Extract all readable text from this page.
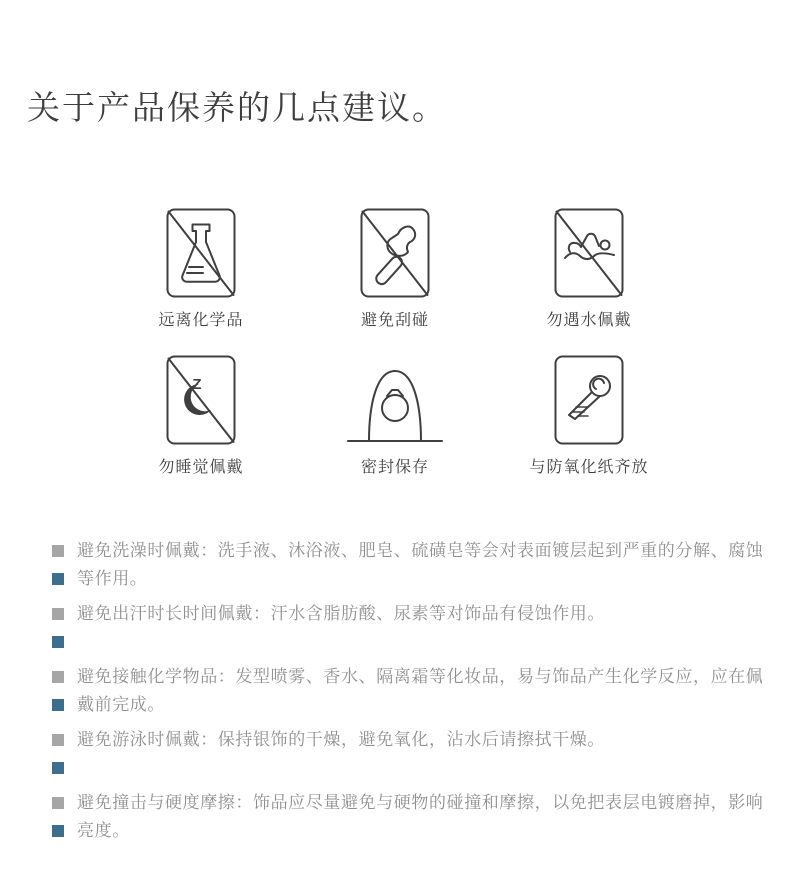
关于产品保养的几点建议。
远离化学品	避免刮碰	勿遇水佩戴
Z
z
勿睡觉佩戴	密封保存	与防氧化纸齐放
避免洗澡时佩戴：洗手液、沐浴液、肥皂、硫磺皂等会对表面镀层起到严重的分解、腐蚀
等作用。
避免出汗时长时间佩戴：汗水含脂肪酸、尿素等对饰品有侵蚀作用。
避免接触化学物品：发型喷雾、香水、隔离霜等化妆品，易与饰品产生化学反应，应在佩
戴前完成。
避免游泳时佩戴：保持银饰的干燥，避免氧化，沾水后请擦拭干燥。
避免撞击与硬度摩擦：饰品应尽量避免与硬物的碰撞和摩擦，以免把表层电镀磨掉，影响
亮度。
